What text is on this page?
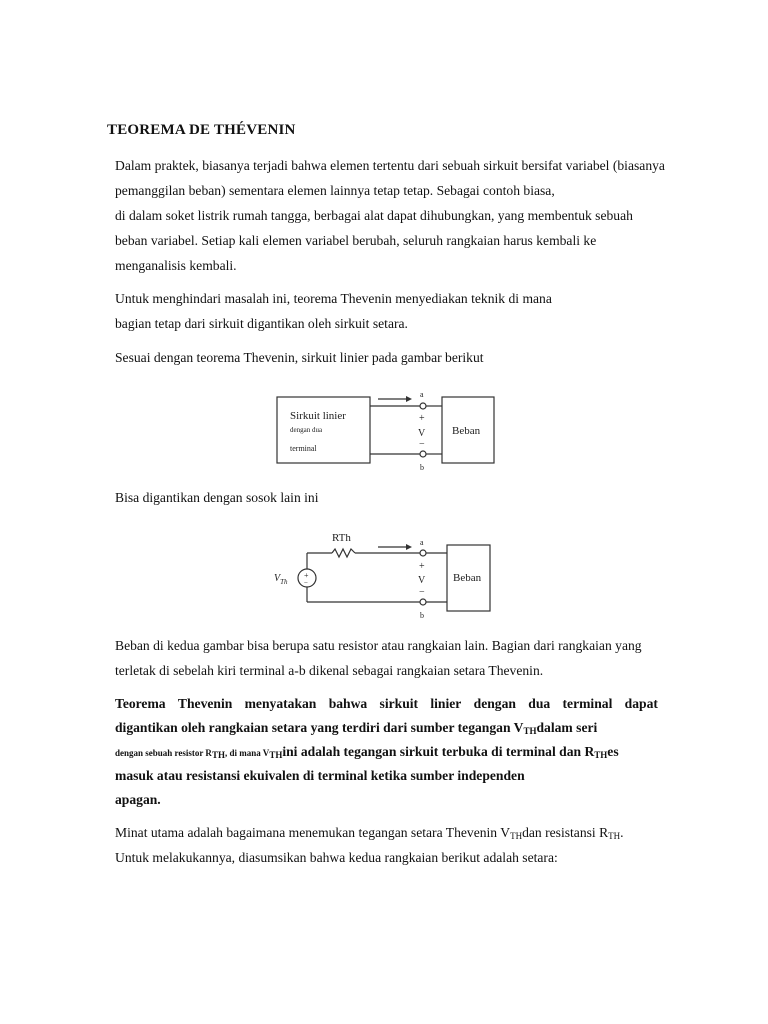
TEOREMA DE THÉVENIN
Dalam praktek, biasanya terjadi bahwa elemen tertentu dari sebuah sirkuit bersifat variabel (biasanya
pemanggilan beban) sementara elemen lainnya tetap tetap. Sebagai contoh biasa,
di dalam soket listrik rumah tangga, berbagai alat dapat dihubungkan, yang membentuk sebuah
beban variabel. Setiap kali elemen variabel berubah, seluruh rangkaian harus kembali ke
menganalisis kembali.
Untuk menghindari masalah ini, teorema Thevenin menyediakan teknik di mana
bagian tetap dari sirkuit digantikan oleh sirkuit setara.
Sesuai dengan teorema Thevenin, sirkuit linier pada gambar berikut
Sirkuit linier
dengan dua
terminal
a
+
V
−
b
Beban
Bisa digantikan dengan sosok lain ini
RTh
$V_{Th}$
+
−
a
+
V
−
b
Beban
Beban di kedua gambar bisa berupa satu resistor atau rangkaian lain. Bagian dari rangkaian yang
terletak di sebelah kiri terminal a-b dikenal sebagai rangkaian setara Thevenin.
Teorema Thevenin menyatakan bahwa sirkuit linier dengan dua terminal dapat
digantikan oleh rangkaian setara yang terdiri dari sumber tegangan $V_{TH}dalam$ seri
dengan sebuah resistor $R_{TH}$, di mana $V_{TH}ini$ adalah tegangan sirkuit terbuka di terminal dan $R_{TH}es$
masuk atau resistansi ekuivalen di terminal ketika sumber independen
apagan.
Minat utama adalah bagaimana menemukan tegangan setara Thevenin $V_{TH}dan$ resistansi $R_{TH}$.
Untuk melakukannya, diasumsikan bahwa kedua rangkaian berikut adalah setara:
